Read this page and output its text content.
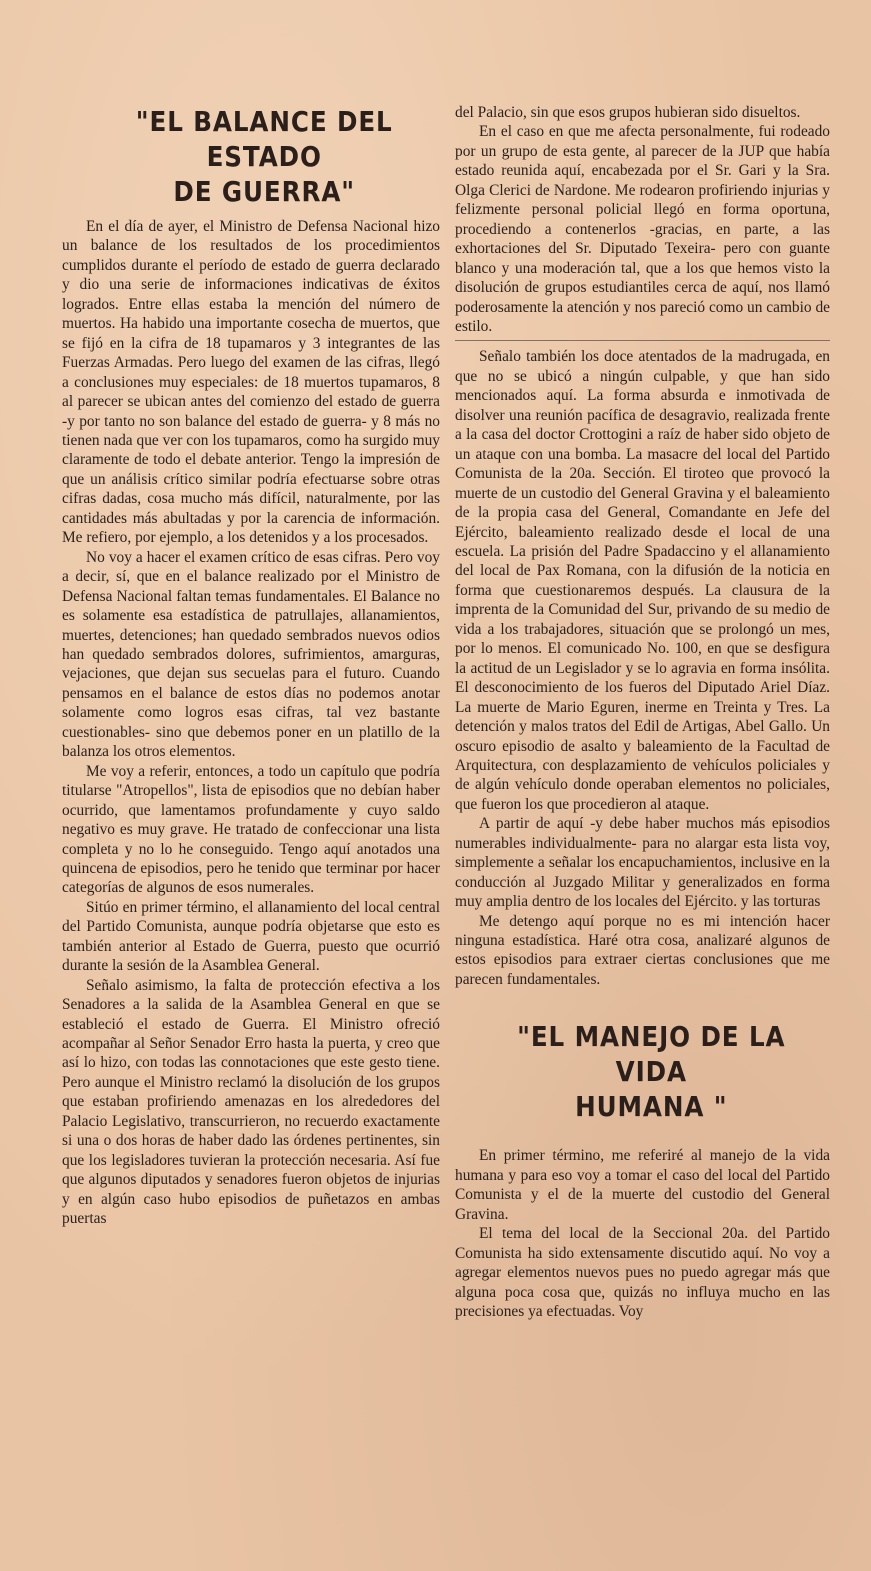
"EL BALANCE DEL ESTADO
DE GUERRA"

En el día de ayer, el Ministro de Defensa Nacional hizo un balance de los resultados de los procedimientos cumplidos durante el período de estado de guerra declarado y dio una serie de informaciones indicativas de éxitos logrados. Entre ellas estaba la mención del número de muertos. Ha habido una importante cosecha de muertos, que se fijó en la cifra de 18 tupamaros y 3 integrantes de las Fuerzas Armadas. Pero luego del examen de las cifras, llegó a conclusiones muy especiales: de 18 muertos tupamaros, 8 al parecer se ubican antes del comienzo del estado de guerra -y por tanto no son balance del estado de guerra- y 8 más no tienen nada que ver con los tupamaros, como ha surgido muy claramente de todo el debate anterior. Tengo la impresión de que un análisis crítico similar podría efectuarse sobre otras cifras dadas, cosa mucho más difícil, naturalmente, por las cantidades más abultadas y por la carencia de información. Me refiero, por ejemplo, a los detenidos y a los procesados.

No voy a hacer el examen crítico de esas cifras. Pero voy a decir, sí, que en el balance realizado por el Ministro de Defensa Nacional faltan temas fundamentales. El Balance no es solamente esa estadística de patrullajes, allanamientos, muertes, detenciones; han quedado sembrados nuevos odios han quedado sembrados dolores, sufrimientos, amarguras, vejaciones, que dejan sus secuelas para el futuro. Cuando pensamos en el balance de estos días no podemos anotar solamente como logros esas cifras, tal vez bastante cuestionables- sino que debemos poner en un platillo de la balanza los otros elementos.

Me voy a referir, entonces, a todo un capítulo que podría titularse "Atropellos", lista de episodios que no debían haber ocurrido, que lamentamos profundamente y cuyo saldo negativo es muy grave. He tratado de confeccionar una lista completa y no lo he conseguido. Tengo aquí anotados una quincena de episodios, pero he tenido que terminar por hacer categorías de algunos de esos numerales.

Sitúo en primer término, el allanamiento del local central del Partido Comunista, aunque podría objetarse que esto es también anterior al Estado de Guerra, puesto que ocurrió durante la sesión de la Asamblea General.

Señalo asimismo, la falta de protección efectiva a los Senadores a la salida de la Asamblea General en que se estableció el estado de Guerra. El Ministro ofreció acompañar al Señor Senador Erro hasta la puerta, y creo que así lo hizo, con todas las connotaciones que este gesto tiene. Pero aunque el Ministro reclamó la disolución de los grupos que estaban profiriendo amenazas en los alrededores del Palacio Legislativo, transcurrieron, no recuerdo exactamente si una o dos horas de haber dado las órdenes pertinentes, sin que los legisladores tuvieran la protección necesaria. Así fue que algunos diputados y senadores fueron objetos de injurias y en algún caso hubo episodios de puñetazos en ambas puertas

del Palacio, sin que esos grupos hubieran sido disueltos.

En el caso en que me afecta personalmente, fui rodeado por un grupo de esta gente, al parecer de la JUP que había estado reunida aquí, encabezada por el Sr. Gari y la Sra. Olga Clerici de Nardone. Me rodearon profiriendo injurias y felizmente personal policial llegó en forma oportuna, procediendo a contenerlos -gracias, en parte, a las exhortaciones del Sr. Diputado Texeira- pero con guante blanco y una moderación tal, que a los que hemos visto la disolución de grupos estudiantiles cerca de aquí, nos llamó poderosamente la atención y nos pareció como un cambio de estilo.

Señalo también los doce atentados de la madrugada, en que no se ubicó a ningún culpable, y que han sido mencionados aquí. La forma absurda e inmotivada de disolver una reunión pacífica de desagravio, realizada frente a la casa del doctor Crottogini a raíz de haber sido objeto de un ataque con una bomba. La masacre del local del Partido Comunista de la 20a. Sección. El tiroteo que provocó la muerte de un custodio del General Gravina y el baleamiento de la propia casa del General, Comandante en Jefe del Ejército, baleamiento realizado desde el local de una escuela. La prisión del Padre Spadaccino y el allanamiento del local de Pax Romana, con la difusión de la noticia en forma que cuestionaremos después. La clausura de la imprenta de la Comunidad del Sur, privando de su medio de vida a los trabajadores, situación que se prolongó un mes, por lo menos. El comunicado No. 100, en que se desfigura la actitud de un Legislador y se lo agravia en forma insólita. El desconocimiento de los fueros del Diputado Ariel Díaz. La muerte de Mario Eguren, inerme en Treinta y Tres. La detención y malos tratos del Edil de Artigas, Abel Gallo. Un oscuro episodio de asalto y baleamiento de la Facultad de Arquitectura, con desplazamiento de vehículos policiales y de algún vehículo donde operaban elementos no policiales, que fueron los que procedieron al ataque.

A partir de aquí -y debe haber muchos más episodios numerables individualmente- para no alargar esta lista voy, simplemente a señalar los encapuchamientos, inclusive en la conducción al Juzgado Militar y generalizados en forma muy amplia dentro de los locales del Ejército. y las torturas

Me detengo aquí porque no es mi intención hacer ninguna estadística. Haré otra cosa, analizaré algunos de estos episodios para extraer ciertas conclusiones que me parecen fundamentales.

"EL MANEJO DE LA VIDA
HUMANA "

En primer término, me referiré al manejo de la vida humana y para eso voy a tomar el caso del local del Partido Comunista y el de la muerte del custodio del General Gravina.

El tema del local de la Seccional 20a. del Partido Comunista ha sido extensamente discutido aquí. No voy a agregar elementos nuevos pues no puedo agregar más que alguna poca cosa que, quizás no influya mucho en las precisiones ya efectuadas. Voy
